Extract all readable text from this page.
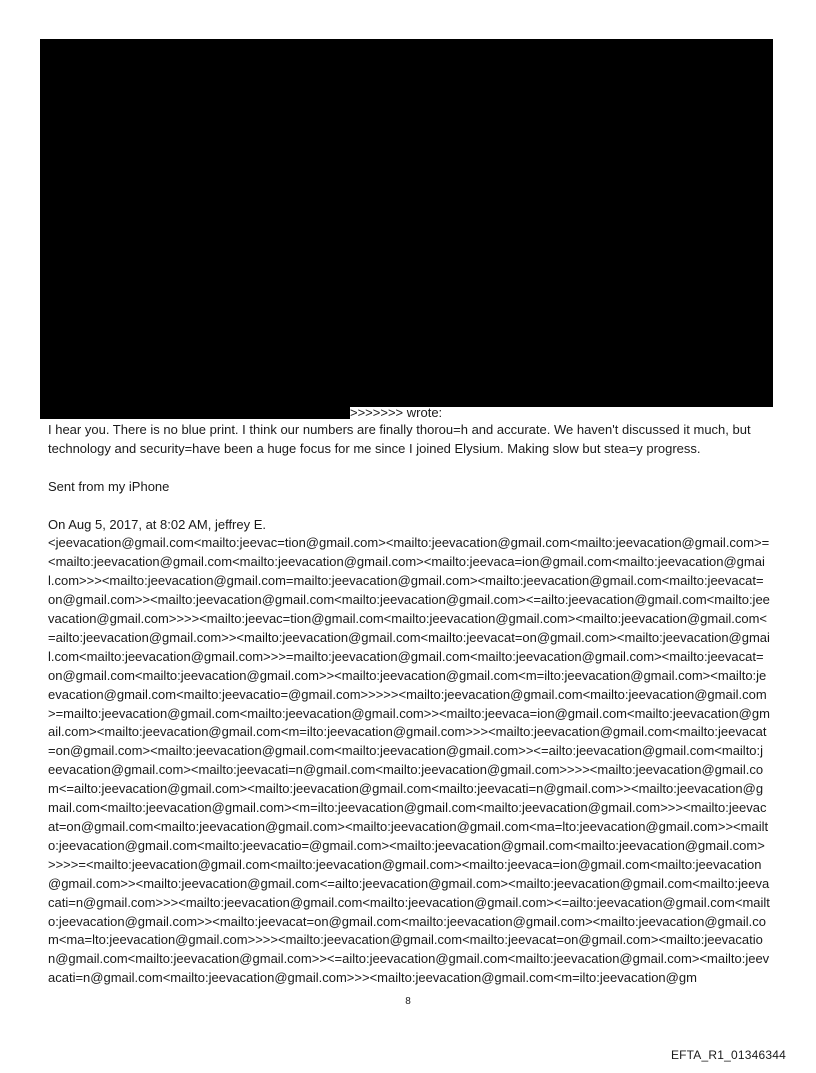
>>>>>>> wrote:

I hear you. There is no blue print. I think our numbers are finally thorou=h and accurate. We haven't discussed it much, but technology and security=have been a huge focus for me since I joined Elysium. Making slow but stea=y progress.

Sent from my iPhone

On Aug 5, 2017, at 8:02 AM, jeffrey E.

<jeevacation@gmail.com<mailto:jeevac=tion@gmail.com><mailto:jeevacation@gmail.com<mailto:jeevacation@gmail.com>=<mailto:jeevacation@gmail.com<mailto:jeevacation@gmail.com><mailto:jeevaca=ion@gmail.com<mailto:jeevacation@gmail.com>>><mailto:jeevacation@gmail.com=mailto:jeevacation@gmail.com><mailto:jeevacation@gmail.com<mailto:jeevacat=on@gmail.com>><mailto:jeevacation@gmail.com<mailto:jeevacation@gmail.com><=ailto:jeevacation@gmail.com<mailto:jeevacation@gmail.com>>>><mailto:jeevac=tion@gmail.com<mailto:jeevacation@gmail.com><mailto:jeevacation@gmail.com<=ailto:jeevacation@gmail.com>><mailto:jeevacation@gmail.com<mailto:jeevacat=on@gmail.com><mailto:jeevacation@gmail.com<mailto:jeevacation@gmail.com>>>=mailto:jeevacation@gmail.com<mailto:jeevacation@gmail.com><mailto:jeevacat=on@gmail.com<mailto:jeevacation@gmail.com>><mailto:jeevacation@gmail.com<m=ilto:jeevacation@gmail.com><mailto:jeevacation@gmail.com<mailto:jeevacatio=@gmail.com>>>>><mailto:jeevacation@gmail.com<mailto:jeevacation@gmail.com>=mailto:jeevacation@gmail.com<mailto:jeevacation@gmail.com>><mailto:jeevaca=ion@gmail.com<mailto:jeevacation@gmail.com><mailto:jeevacation@gmail.com<m=ilto:jeevacation@gmail.com>>><mailto:jeevacation@gmail.com<mailto:jeevacat=on@gmail.com><mailto:jeevacation@gmail.com<mailto:jeevacation@gmail.com>><=ailto:jeevacation@gmail.com<mailto:jeevacation@gmail.com><mailto:jeevacati=n@gmail.com<mailto:jeevacation@gmail.com>>>><mailto:jeevacation@gmail.com<=ailto:jeevacation@gmail.com><mailto:jeevacation@gmail.com<mailto:jeevacati=n@gmail.com>><mailto:jeevacation@gmail.com<mailto:jeevacation@gmail.com><m=ilto:jeevacation@gmail.com<mailto:jeevacation@gmail.com>>><mailto:jeevacat=on@gmail.com<mailto:jeevacation@gmail.com><mailto:jeevacation@gmail.com<ma=lto:jeevacation@gmail.com>><mailto:jeevacation@gmail.com<mailto:jeevacatio=@gmail.com><mailto:jeevacation@gmail.com<mailto:jeevacation@gmail.com>>>>>=<mailto:jeevacation@gmail.com<mailto:jeevacation@gmail.com><mailto:jeevaca=ion@gmail.com<mailto:jeevacation@gmail.com>><mailto:jeevacation@gmail.com<=ailto:jeevacation@gmail.com><mailto:jeevacation@gmail.com<mailto:jeevacati=n@gmail.com>>><mailto:jeevacation@gmail.com<mailto:jeevacation@gmail.com><=ailto:jeevacation@gmail.com<mailto:jeevacation@gmail.com>><mailto:jeevacat=on@gmail.com<mailto:jeevacation@gmail.com><mailto:jeevacation@gmail.com<ma=lto:jeevacation@gmail.com>>>><mailto:jeevacation@gmail.com<mailto:jeevacat=on@gmail.com><mailto:jeevacation@gmail.com<mailto:jeevacation@gmail.com>><=ailto:jeevacation@gmail.com<mailto:jeevacation@gmail.com><mailto:jeevacati=n@gmail.com<mailto:jeevacation@gmail.com>>><mailto:jeevacation@gmail.com<m=ilto:jeevacation@gm

8
EFTA_R1_01346344
